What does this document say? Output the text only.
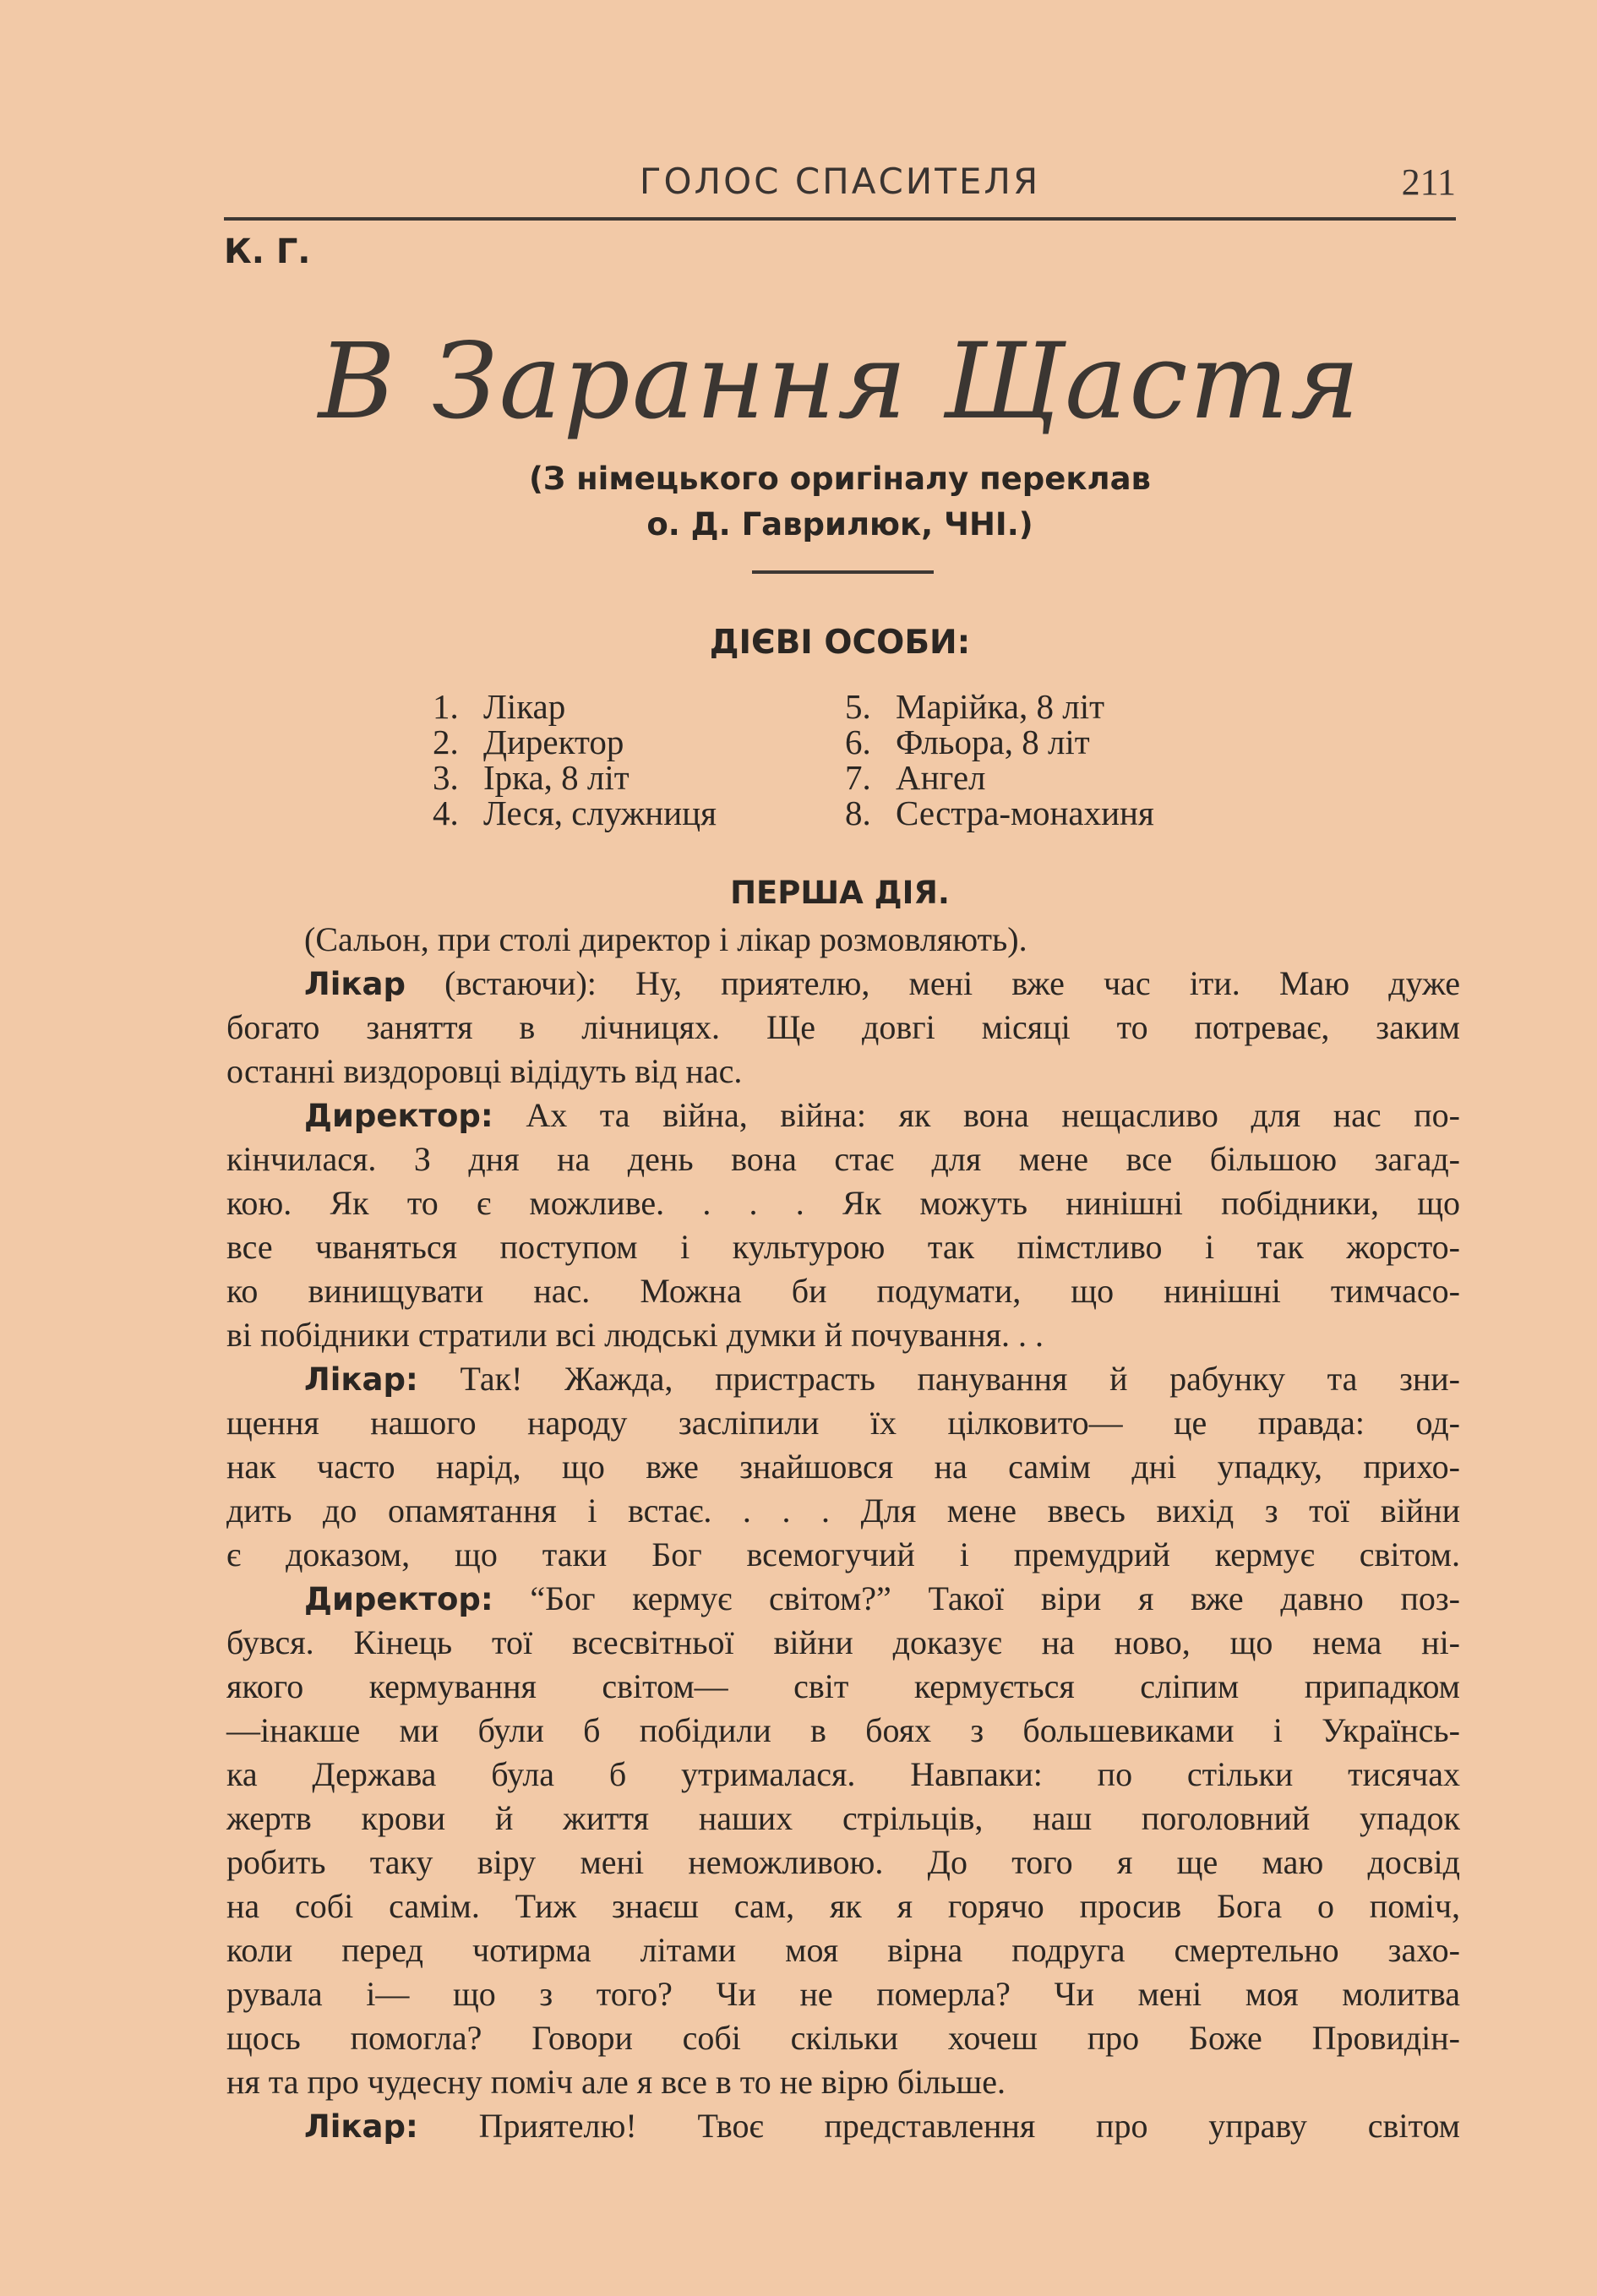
ГОЛОС СПАСИТЕЛЯ	211
К. Г.
В Зарання Щастя
(З німецького оригіналу переклав
о. Д. Гаврилюк, ЧНІ.)
ДІЄВІ ОСОБИ:
1. Лікар
2. Директор
3. Ірка, 8 літ
4. Леся, служниця
5. Марійка, 8 літ
6. Фльора, 8 літ
7. Ангел
8. Сестра-монахиня
ПЕРША ДІЯ.
(Сальон, при столі директор і лікар розмовляють).
Лікар (встаючи): Ну, приятелю, мені вже час іти. Маю дуже
богато заняття в лічницях. Ще довгі місяці то потреває, заким
останні виздоровці відідуть від нас.
Директор: Ах та війна, війна: як вона нещасливо для нас по-
кінчилася. З дня на день вона стає для мене все більшою загад-
кою. Як то є можливе. . . . Як можуть нинішні побідники, що
все чваняться поступом і культурою так пімстливо і так жорсто-
ко винищувати нас. Можна би подумати, що нинішні тимчасо-
ві побідники стратили всі людські думки й почування. . .
Лікар: Так! Жажда, пристрасть панування й рабунку та зни-
щення нашого народу засліпили їх цілковито— це правда: од-
нак часто нарід, що вже знайшовся на самім дні упадку, прихо-
дить до опамятання і встає. . . . Для мене ввесь вихід з тої війни
є доказом, що таки Бог всемогучий і премудрий кермує світом.
Директор: “Бог кермує світом?” Такої віри я вже давно поз-
бувся. Кінець тої всесвітньої війни доказує на ново, що нема ні-
якого кермування світом— світ кермується сліпим припадком
—інакше ми були б побідили в боях з большевиками і Українсь-
ка Держава була б утрималася. Навпаки: по стільки тисячах
жертв крови й життя наших стрільців, наш поголовний упадок
робить таку віру мені неможливою. До того я ще маю досвід
на собі самім. Тиж знаєш сам, як я горячо просив Бога о поміч,
коли перед чотирма літами моя вірна подруга смертельно захо-
рувала і— що з того? Чи не померла? Чи мені моя молитва
щось помогла? Говори собі скільки хочеш про Боже Провидін-
ня та про чудесну поміч але я все в то не вірю більше.
Лікар: Приятелю! Твоє представлення про управу світом
